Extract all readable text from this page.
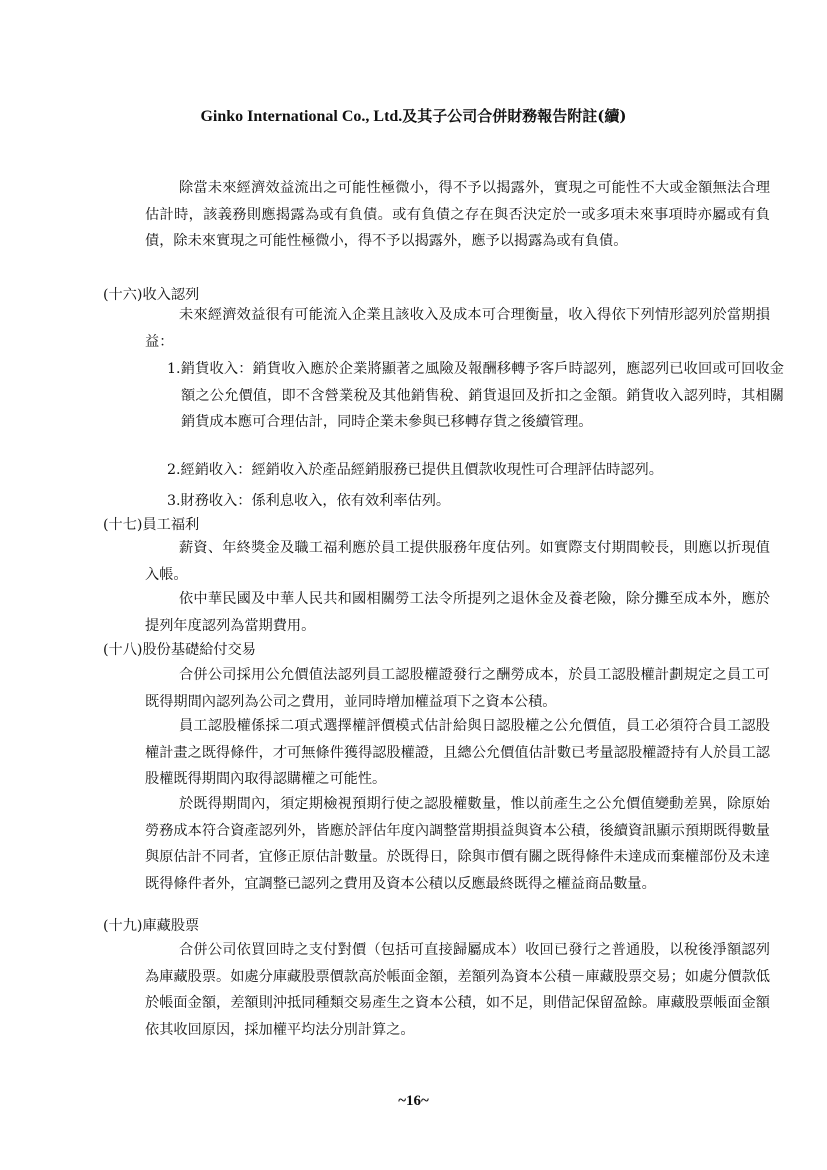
Ginko International Co., Ltd.及其子公司合併財務報告附註(續)

除當未來經濟效益流出之可能性極微小，得不予以揭露外，實現之可能性不大或金額無法合理估計時，該義務則應揭露為或有負債。或有負債之存在與否決定於一或多項未來事項時亦屬或有負債，除未來實現之可能性極微小，得不予以揭露外，應予以揭露為或有負債。

(十六)收入認列

未來經濟效益很有可能流入企業且該收入及成本可合理衡量，收入得依下列情形認列於當期損益：

1.銷貨收入：銷貨收入應於企業將顯著之風險及報酬移轉予客戶時認列，應認列已收回或可回收金額之公允價值，即不含營業稅及其他銷售稅、銷貨退回及折扣之金額。銷貨收入認列時，其相關銷貨成本應可合理估計，同時企業未參與已移轉存貨之後續管理。

2.經銷收入：經銷收入於產品經銷服務已提供且價款收現性可合理評估時認列。

3.財務收入：係利息收入，依有效利率估列。

(十七)員工福利

薪資、年終獎金及職工福利應於員工提供服務年度估列。如實際支付期間較長，則應以折現值入帳。

依中華民國及中華人民共和國相關勞工法令所提列之退休金及養老險，除分攤至成本外，應於提列年度認列為當期費用。

(十八)股份基礎給付交易

合併公司採用公允價值法認列員工認股權證發行之酬勞成本，於員工認股權計劃規定之員工可既得期間內認列為公司之費用，並同時增加權益項下之資本公積。

員工認股權係採二項式選擇權評價模式估計給與日認股權之公允價值，員工必須符合員工認股權計畫之既得條件，才可無條件獲得認股權證，且總公允價值估計數已考量認股權證持有人於員工認股權既得期間內取得認購權之可能性。

於既得期間內，須定期檢視預期行使之認股權數量，惟以前產生之公允價值變動差異，除原始勞務成本符合資產認列外，皆應於評估年度內調整當期損益與資本公積，後續資訊顯示預期既得數量與原估計不同者，宜修正原估計數量。於既得日，除與市價有關之既得條件未達成而棄權部份及未達既得條件者外，宜調整已認列之費用及資本公積以反應最終既得之權益商品數量。

(十九)庫藏股票

合併公司依買回時之支付對價（包括可直接歸屬成本）收回已發行之普通股，以稅後淨額認列為庫藏股票。如處分庫藏股票價款高於帳面金額，差額列為資本公積－庫藏股票交易；如處分價款低於帳面金額，差額則沖抵同種類交易產生之資本公積，如不足，則借記保留盈餘。庫藏股票帳面金額依其收回原因，採加權平均法分別計算之。

~16~
